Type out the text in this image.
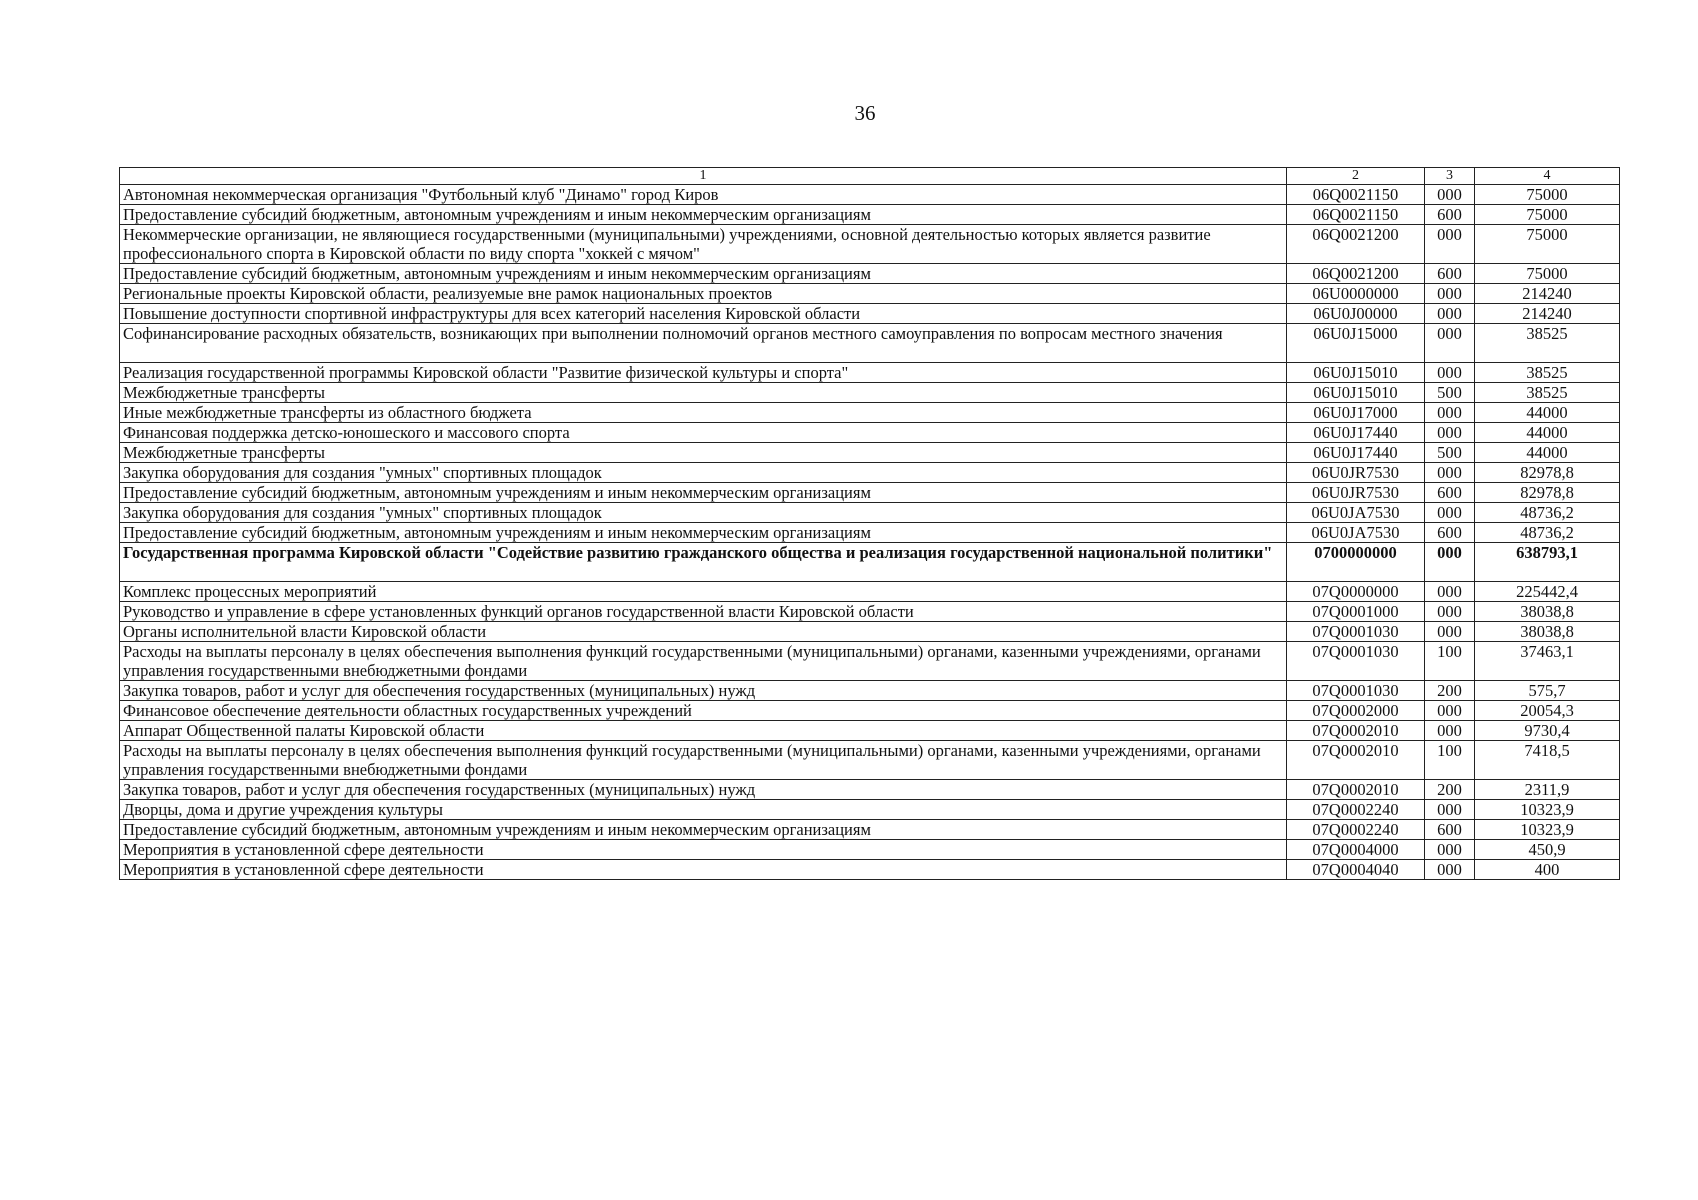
36
1	2	3	4
Автономная некоммерческая организация "Футбольный клуб "Динамо" город Киров	06Q0021150	000	75000
Предоставление субсидий бюджетным, автономным учреждениям и иным некоммерческим организациям	06Q0021150	600	75000
Некоммерческие организации, не являющиеся государственными (муниципальными) учреждениями, основной деятельностью которых является развитие профессионального спорта в Кировской области по виду спорта "хоккей с мячом"	06Q0021200	000	75000
Предоставление субсидий бюджетным, автономным учреждениям и иным некоммерческим организациям	06Q0021200	600	75000
Региональные проекты Кировской области, реализуемые вне рамок национальных проектов	06U0000000	000	214240
Повышение доступности спортивной инфраструктуры для всех категорий населения Кировской области	06U0J00000	000	214240
Софинансирование расходных обязательств, возникающих при выполнении полномочий органов местного самоуправления по вопросам местного значения	06U0J15000	000	38525
Реализация государственной программы Кировской области "Развитие физической культуры и спорта"	06U0J15010	000	38525
Межбюджетные трансферты	06U0J15010	500	38525
Иные межбюджетные трансферты из областного бюджета	06U0J17000	000	44000
Финансовая поддержка детско-юношеского и массового спорта	06U0J17440	000	44000
Межбюджетные трансферты	06U0J17440	500	44000
Закупка оборудования для создания "умных" спортивных площадок	06U0JR7530	000	82978,8
Предоставление субсидий бюджетным, автономным учреждениям и иным некоммерческим организациям	06U0JR7530	600	82978,8
Закупка оборудования для создания "умных" спортивных площадок	06U0JA7530	000	48736,2
Предоставление субсидий бюджетным, автономным учреждениям и иным некоммерческим организациям	06U0JA7530	600	48736,2
Государственная программа Кировской области "Содействие развитию гражданского общества и реализация государственной национальной политики"	0700000000	000	638793,1
Комплекс процессных мероприятий	07Q0000000	000	225442,4
Руководство и управление в сфере установленных функций органов государственной власти Кировской области	07Q0001000	000	38038,8
Органы исполнительной власти Кировской области	07Q0001030	000	38038,8
Расходы на выплаты персоналу в целях обеспечения выполнения функций государственными (муниципальными) органами, казенными учреждениями, органами управления государственными внебюджетными фондами	07Q0001030	100	37463,1
Закупка товаров, работ и услуг для обеспечения государственных (муниципальных) нужд	07Q0001030	200	575,7
Финансовое обеспечение деятельности областных государственных учреждений	07Q0002000	000	20054,3
Аппарат Общественной палаты Кировской области	07Q0002010	000	9730,4
Расходы на выплаты персоналу в целях обеспечения выполнения функций государственными (муниципальными) органами, казенными учреждениями, органами управления государственными внебюджетными фондами	07Q0002010	100	7418,5
Закупка товаров, работ и услуг для обеспечения государственных (муниципальных) нужд	07Q0002010	200	2311,9
Дворцы, дома и другие учреждения культуры	07Q0002240	000	10323,9
Предоставление субсидий бюджетным, автономным учреждениям и иным некоммерческим организациям	07Q0002240	600	10323,9
Мероприятия в установленной сфере деятельности	07Q0004000	000	450,9
Мероприятия в установленной сфере деятельности	07Q0004040	000	400
